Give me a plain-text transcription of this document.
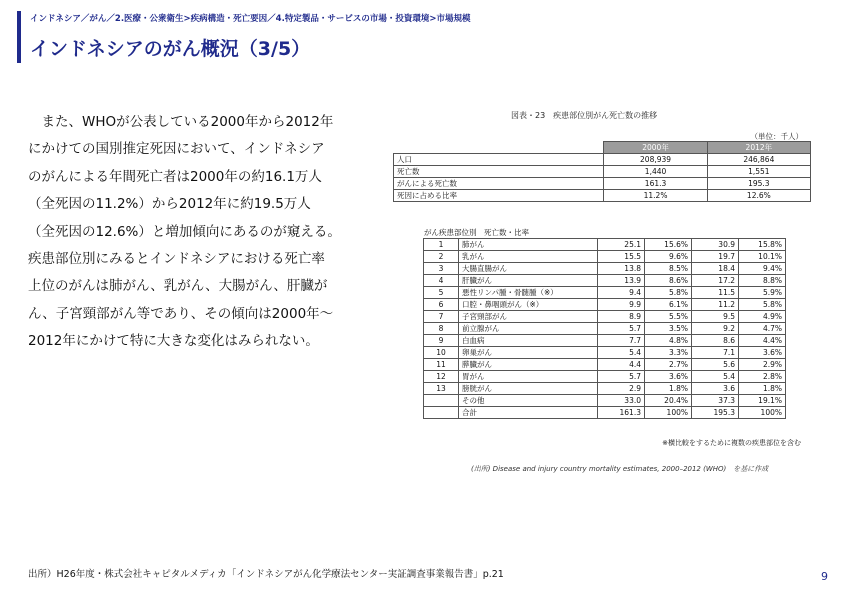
インドネシア／がん／2.医療・公衆衛生>疾病構造・死亡要因／4.特定製品・サービスの市場・投資環境>市場規模
インドネシアのがん概況（3/5）
　また、WHOが公表している2000年から2012年
にかけての国別推定死因において、インドネシア
のがんによる年間死亡者は2000年の約16.1万人
（全死因の11.2%）から2012年に約19.5万人
（全死因の12.6%）と増加傾向にあるのが窺える。
疾患部位別にみるとインドネシアにおける死亡率
上位のがんは肺がん、乳がん、大腸がん、肝臓が
ん、子宮頸部がん等であり、その傾向は2000年～
2012年にかけて特に大きな変化はみられない。
図表・23　疾患部位別がん死亡数の推移
（単位：千人）
	2000年	2012年
人口	208,939	246,864
死亡数	1,440	1,551
がんによる死亡数	161.3	195.3
死因に占める比率	11.2%	12.6%
がん疾患部位別　死亡数・比率
1	肺がん	25.1	15.6%	30.9	15.8%
2	乳がん	15.5	9.6%	19.7	10.1%
3	大腸直腸がん	13.8	8.5%	18.4	9.4%
4	肝臓がん	13.9	8.6%	17.2	8.8%
5	悪性リンパ腫・骨髄腫（※）	9.4	5.8%	11.5	5.9%
6	口腔・鼻咽頭がん（※）	9.9	6.1%	11.2	5.8%
7	子宮頸部がん	8.9	5.5%	9.5	4.9%
8	前立腺がん	5.7	3.5%	9.2	4.7%
9	白血病	7.7	4.8%	8.6	4.4%
10	卵巣がん	5.4	3.3%	7.1	3.6%
11	膵臓がん	4.4	2.7%	5.6	2.9%
12	胃がん	5.7	3.6%	5.4	2.8%
13	膀胱がん	2.9	1.8%	3.6	1.8%
	その他	33.0	20.4%	37.3	19.1%
	合計	161.3	100%	195.3	100%
※横比較をするために複数の疾患部位を含む
(出所) Disease and injury country mortality estimates, 2000–2012 (WHO)　を基に作成
出所）H26年度・株式会社キャピタルメディカ「インドネシアがん化学療法センター実証調査事業報告書」p.21	9
